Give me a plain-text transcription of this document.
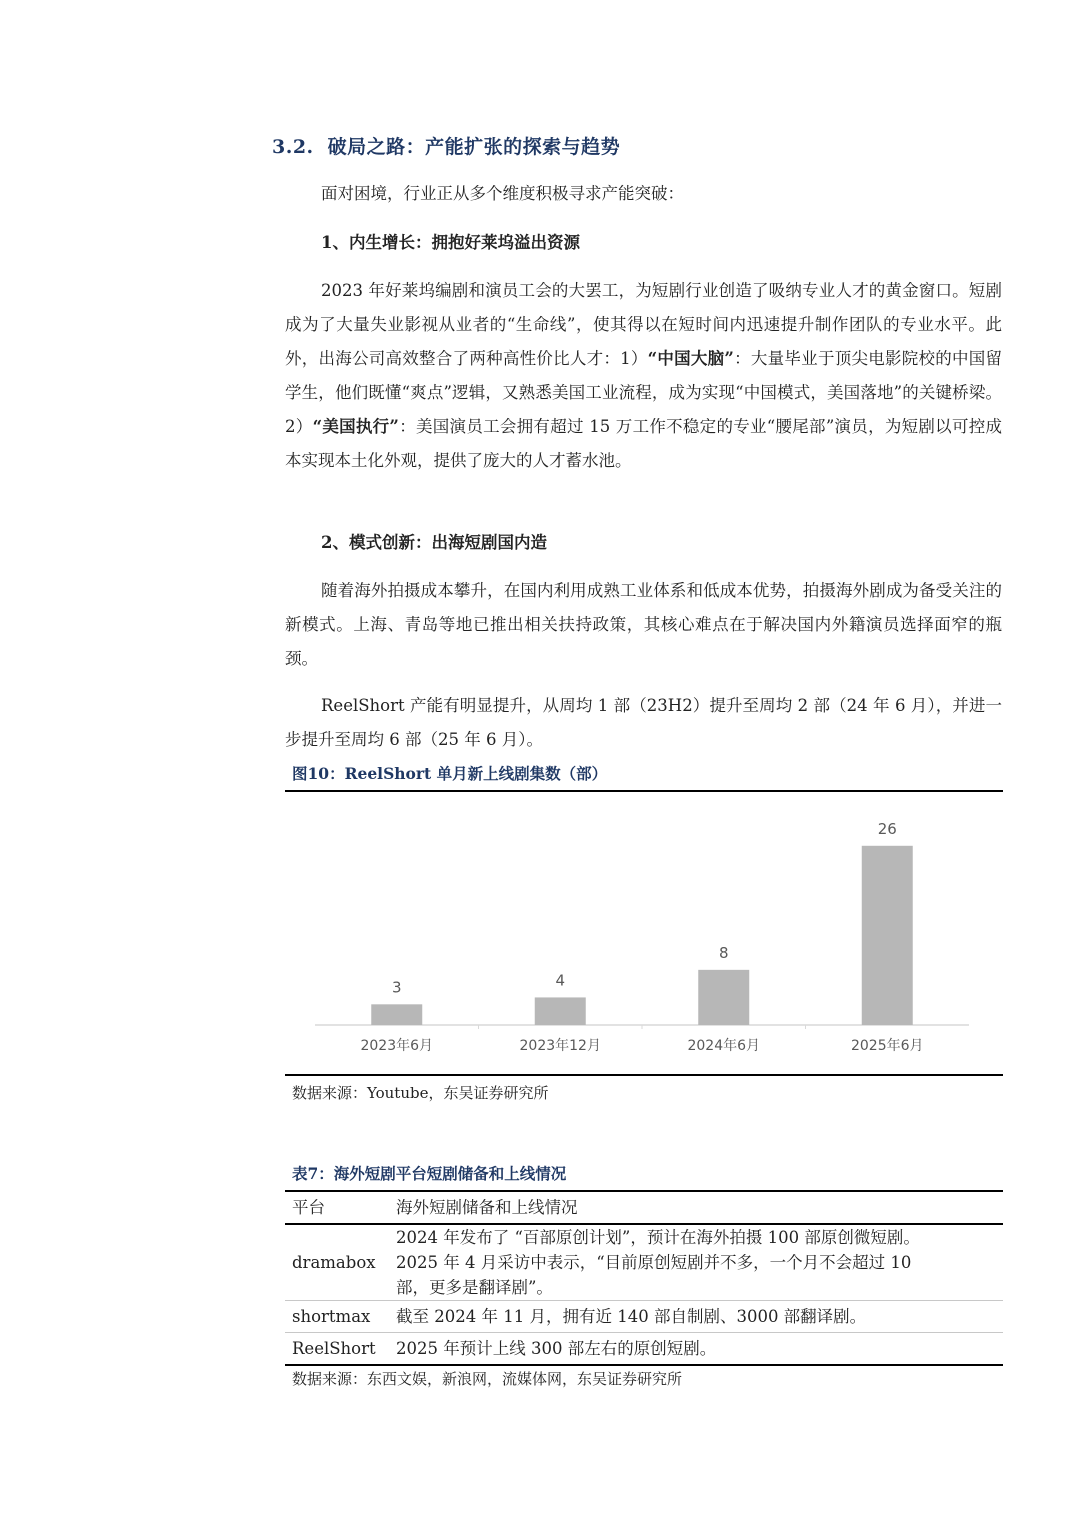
3.2. 破局之路：产能扩张的探索与趋势
面对困境，行业正从多个维度积极寻求产能突破：
1、内生增长：拥抱好莱坞溢出资源
2023 年好莱坞编剧和演员工会的大罢工，为短剧行业创造了吸纳专业人才的黄金窗口。短剧成为了大量失业影视从业者的“生命线”，使其得以在短时间内迅速提升制作团队的专业水平。此外，出海公司高效整合了两种高性价比人才：1）“中国大脑”：大量毕业于顶尖电影院校的中国留学生，他们既懂“爽点”逻辑，又熟悉美国工业流程，成为实现“中国模式，美国落地”的关键桥梁。2）“美国执行”：美国演员工会拥有超过 15 万工作不稳定的专业“腰尾部”演员，为短剧以可控成本实现本土化外观，提供了庞大的人才蓄水池。
2、模式创新：出海短剧国内造
随着海外拍摄成本攀升，在国内利用成熟工业体系和低成本优势，拍摄海外剧成为备受关注的新模式。上海、青岛等地已推出相关扶持政策，其核心难点在于解决国内外籍演员选择面窄的瓶颈。
ReelShort 产能有明显提升，从周均 1 部（23H2）提升至周均 2 部（24 年 6 月），并进一步提升至周均 6 部（25 年 6 月）。
图10：ReelShort 单月新上线剧集数（部）
3
2023年6月
4
2023年12月
8
2024年6月
26
2025年6月
数据来源：Youtube，东吴证券研究所
表7：海外短剧平台短剧储备和上线情况
平台	海外短剧储备和上线情况
dramabox	2024 年发布了 “百部原创计划”，预计在海外拍摄 100 部原创微短剧。
2025 年 4 月采访中表示，“目前原创短剧并不多，一个月不会超过 10
部，更多是翻译剧”。

shortmax	截至 2024 年 11 月，拥有近 140 部自制剧、3000 部翻译剧。

ReelShort	2025 年预计上线 300 部左右的原创短剧。
数据来源：东西文娱，新浪网，流媒体网，东吴证券研究所
